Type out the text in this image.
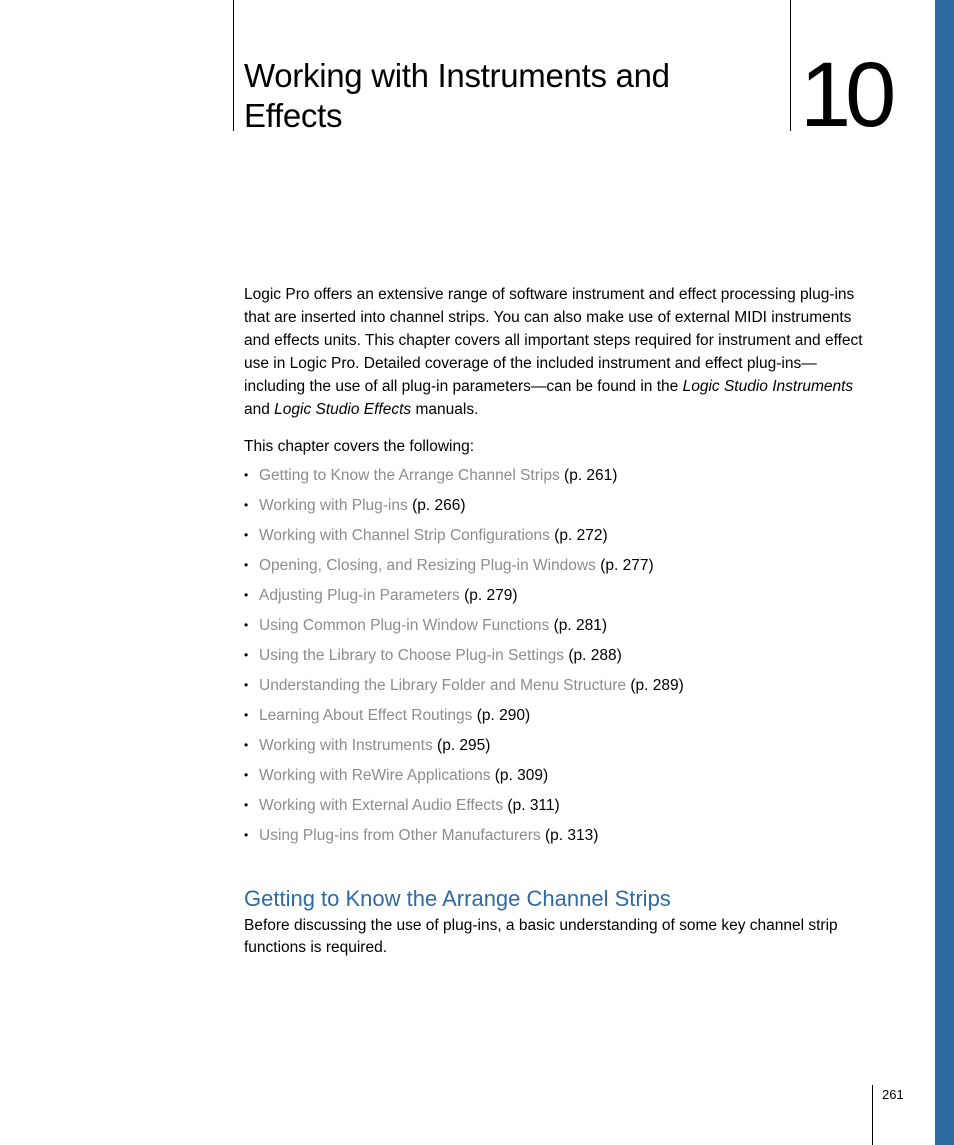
Working with Instruments and Effects	10

Logic Pro offers an extensive range of software instrument and effect processing plug-ins that are inserted into channel strips. You can also make use of external MIDI instruments and effects units. This chapter covers all important steps required for instrument and effect use in Logic Pro. Detailed coverage of the included instrument and effect plug-ins—including the use of all plug-in parameters—can be found in the Logic Studio Instruments and Logic Studio Effects manuals.

This chapter covers the following:

• Getting to Know the Arrange Channel Strips (p. 261)
• Working with Plug-ins (p. 266)
• Working with Channel Strip Configurations (p. 272)
• Opening, Closing, and Resizing Plug-in Windows (p. 277)
• Adjusting Plug-in Parameters (p. 279)
• Using Common Plug-in Window Functions (p. 281)
• Using the Library to Choose Plug-in Settings (p. 288)
• Understanding the Library Folder and Menu Structure (p. 289)
• Learning About Effect Routings (p. 290)
• Working with Instruments (p. 295)
• Working with ReWire Applications (p. 309)
• Working with External Audio Effects (p. 311)
• Using Plug-ins from Other Manufacturers (p. 313)
Getting to Know the Arrange Channel Strips

Before discussing the use of plug-ins, a basic understanding of some key channel strip functions is required.

261
